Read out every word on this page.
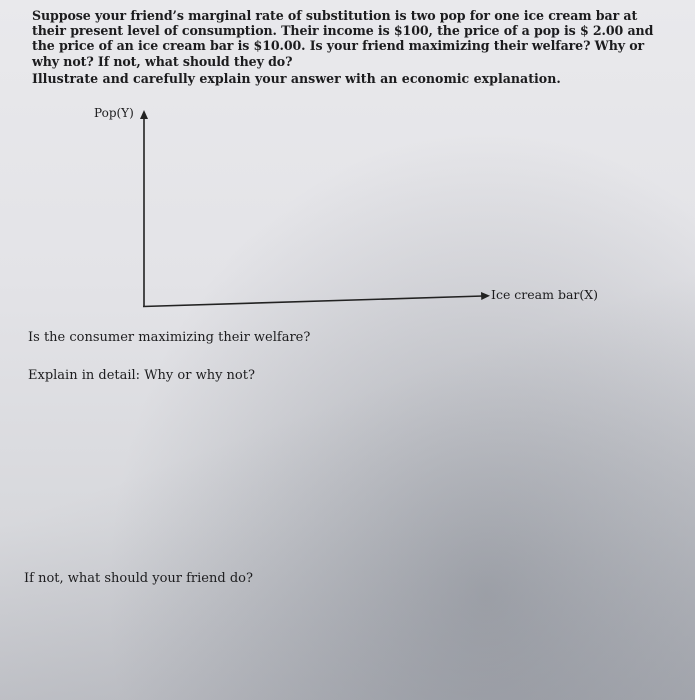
Suppose your friend’s marginal rate of substitution is two pop for one ice cream bar at their present level of consumption. Their income is $100, the price of a pop is $ 2.00 and the price of an ice cream bar is $10.00. Is your friend maximizing their welfare? Why or why not? If not, what should they do?

Illustrate and carefully explain your answer with an economic explanation.
Pop(Y)
Ice cream bar(X)
Is the consumer maximizing their welfare?
Explain in detail: Why or why not?
If not, what should your friend do?
